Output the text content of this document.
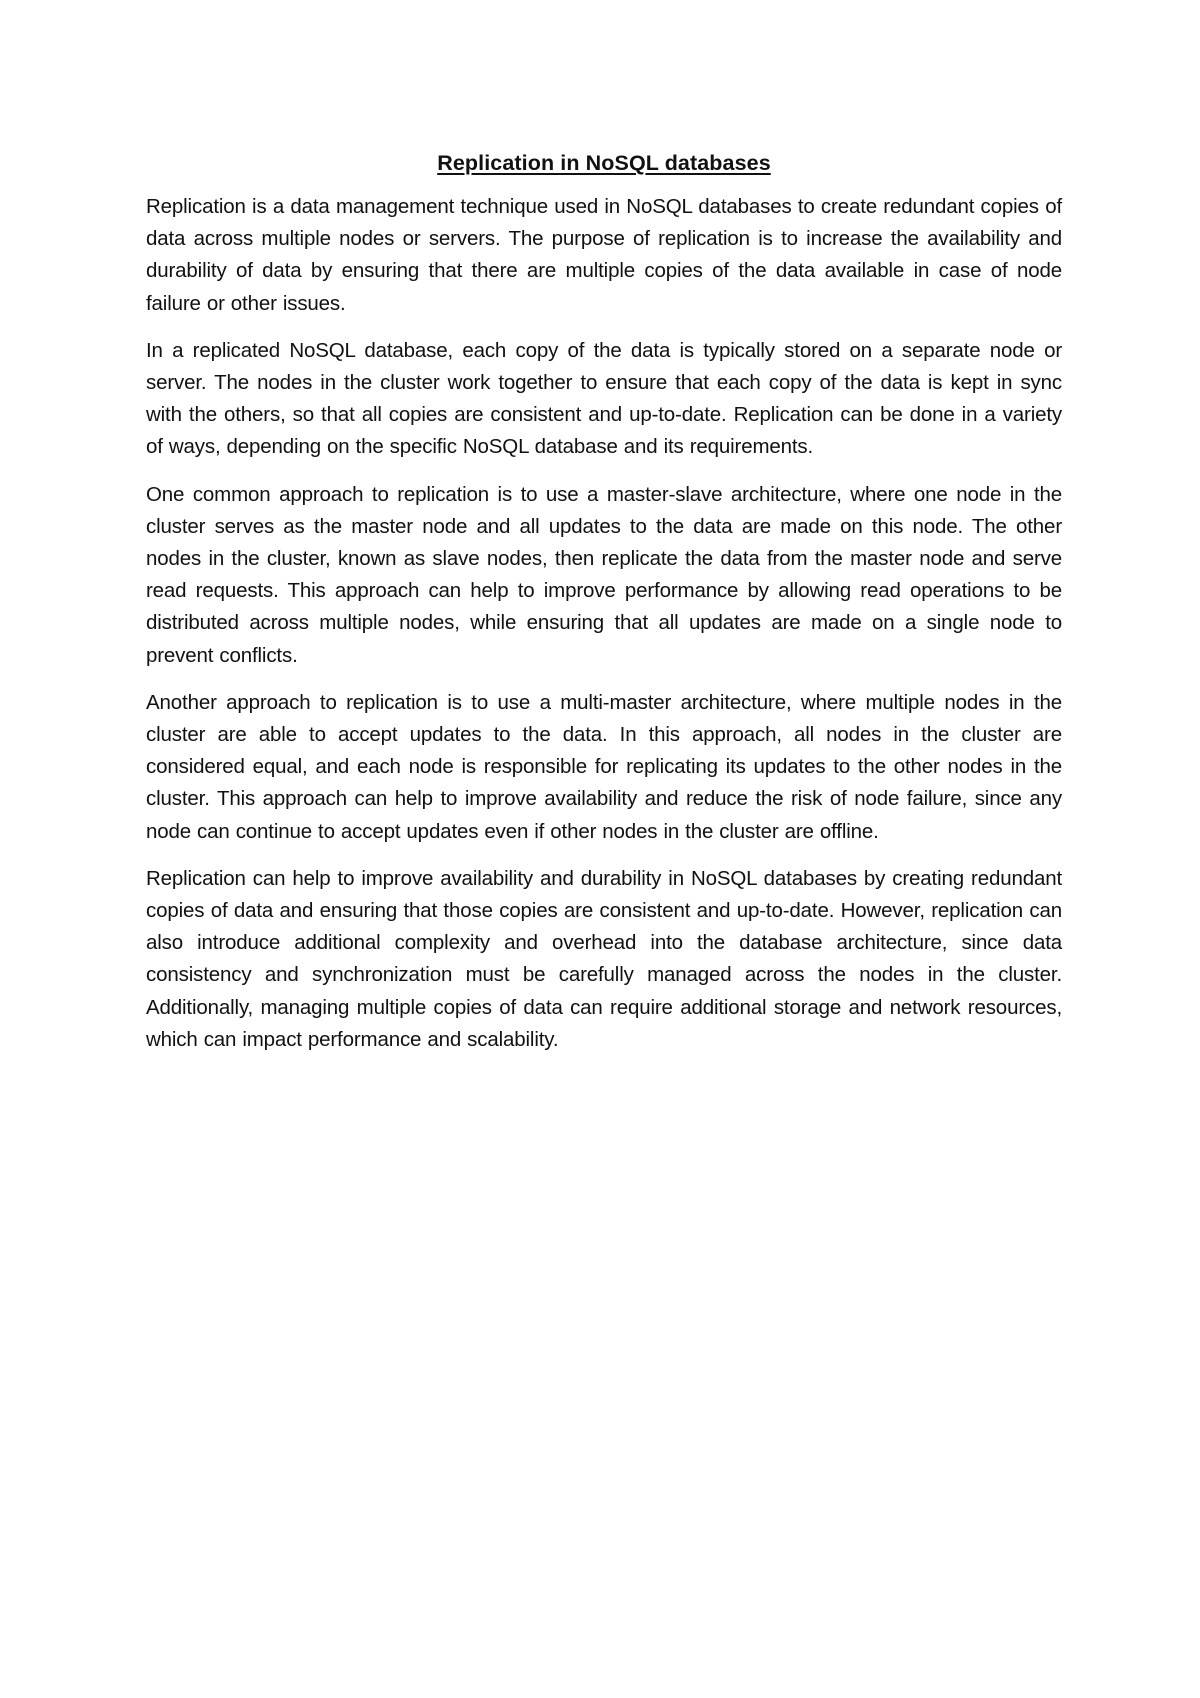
Replication in NoSQL databases

Replication is a data management technique used in NoSQL databases to create redundant copies of data across multiple nodes or servers. The purpose of replication is to increase the availability and durability of data by ensuring that there are multiple copies of the data available in case of node failure or other issues.

In a replicated NoSQL database, each copy of the data is typically stored on a separate node or server. The nodes in the cluster work together to ensure that each copy of the data is kept in sync with the others, so that all copies are consistent and up-to-date. Replication can be done in a variety of ways, depending on the specific NoSQL database and its requirements.

One common approach to replication is to use a master-slave architecture, where one node in the cluster serves as the master node and all updates to the data are made on this node. The other nodes in the cluster, known as slave nodes, then replicate the data from the master node and serve read requests. This approach can help to improve performance by allowing read operations to be distributed across multiple nodes, while ensuring that all updates are made on a single node to prevent conflicts.

Another approach to replication is to use a multi-master architecture, where multiple nodes in the cluster are able to accept updates to the data. In this approach, all nodes in the cluster are considered equal, and each node is responsible for replicating its updates to the other nodes in the cluster. This approach can help to improve availability and reduce the risk of node failure, since any node can continue to accept updates even if other nodes in the cluster are offline.

Replication can help to improve availability and durability in NoSQL databases by creating redundant copies of data and ensuring that those copies are consistent and up-to-date. However, replication can also introduce additional complexity and overhead into the database architecture, since data consistency and synchronization must be carefully managed across the nodes in the cluster. Additionally, managing multiple copies of data can require additional storage and network resources, which can impact performance and scalability.
